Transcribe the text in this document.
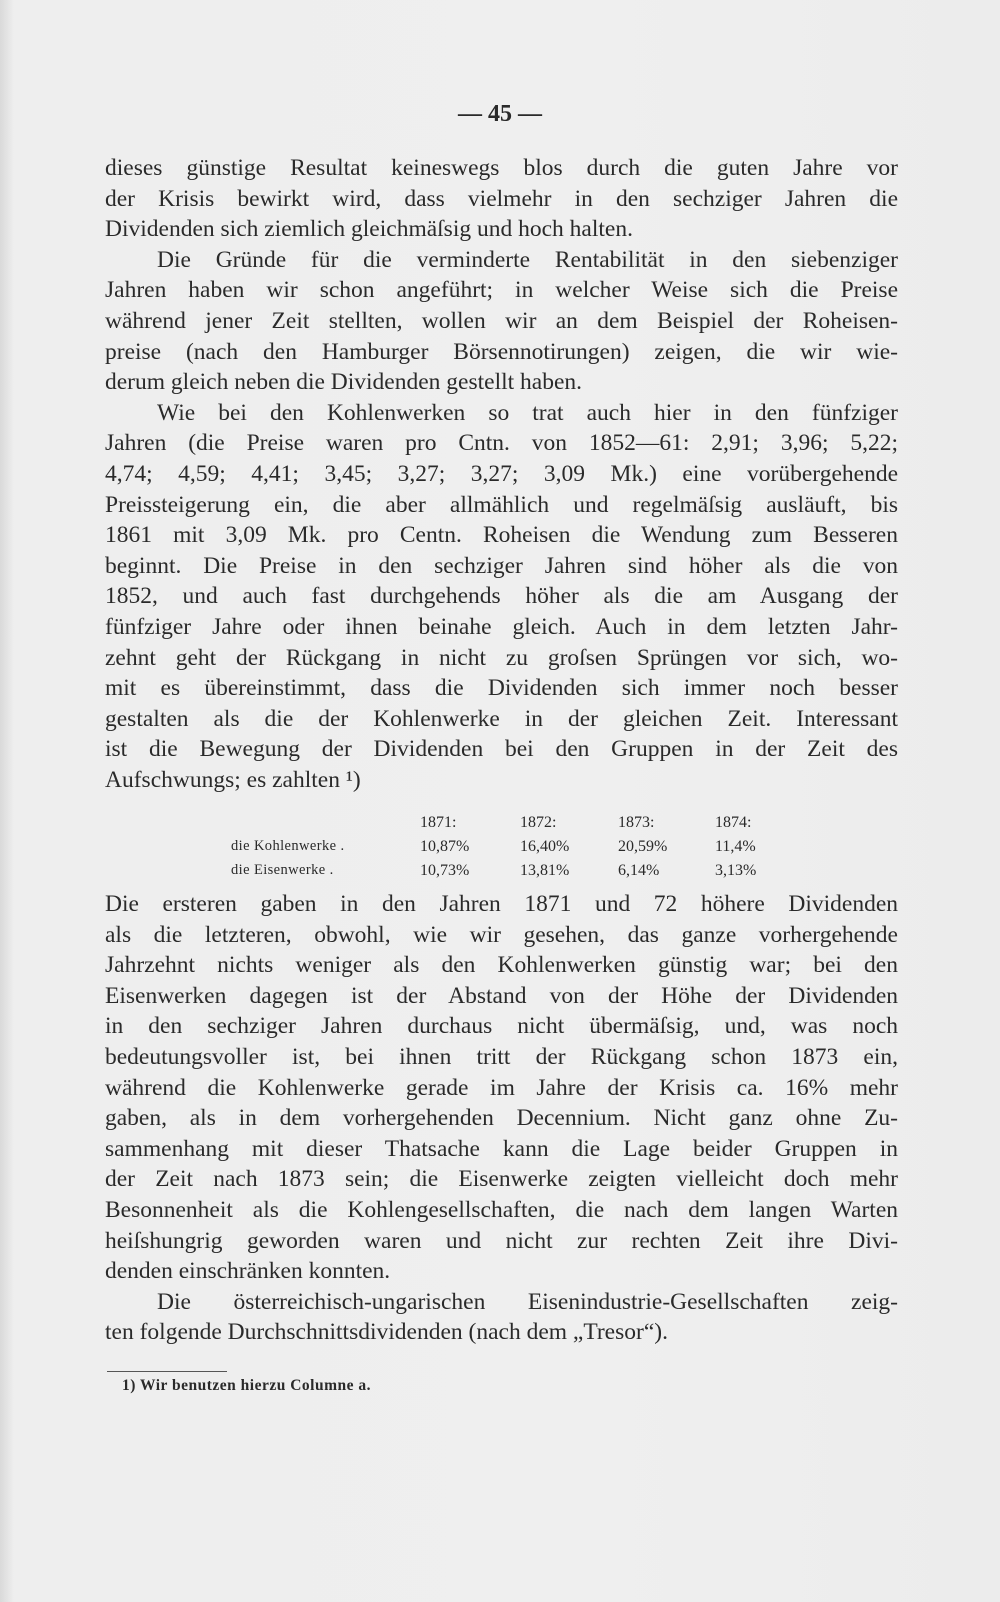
— 45 —
dieses günstige Resultat keineswegs blos durch die guten Jahre vor
der Krisis bewirkt wird, dass vielmehr in den sechziger Jahren die
Dividenden sich ziemlich gleichmäſsig und hoch halten.
Die Gründe für die verminderte Rentabilität in den siebenziger
Jahren haben wir schon angeführt; in welcher Weise sich die Preise
während jener Zeit stellten, wollen wir an dem Beispiel der Roheisen-
preise (nach den Hamburger Börsennotirungen) zeigen, die wir wie-
derum gleich neben die Dividenden gestellt haben.
Wie bei den Kohlenwerken so trat auch hier in den fünfziger
Jahren (die Preise waren pro Cntn. von 1852—61: 2,91; 3,96; 5,22;
4,74; 4,59; 4,41; 3,45; 3,27; 3,27; 3,09 Mk.) eine vorübergehende
Preissteigerung ein, die aber allmählich und regelmäſsig ausläuft, bis
1861 mit 3,09 Mk. pro Centn. Roheisen die Wendung zum Besseren
beginnt. Die Preise in den sechziger Jahren sind höher als die von
1852, und auch fast durchgehends höher als die am Ausgang der
fünfziger Jahre oder ihnen beinahe gleich. Auch in dem letzten Jahr-
zehnt geht der Rückgang in nicht zu groſsen Sprüngen vor sich, wo-
mit es übereinstimmt, dass die Dividenden sich immer noch besser
gestalten als die der Kohlenwerke in der gleichen Zeit. Interessant
ist die Bewegung der Dividenden bei den Gruppen in der Zeit des
Aufschwungs; es zahlten ¹)
1871:	1872:	1873:	1874:
die Kohlenwerke .	10,87%	16,40%	20,59%	11,4%
die Eisenwerke .	10,73%	13,81%	6,14%	3,13%
Die ersteren gaben in den Jahren 1871 und 72 höhere Dividenden
als die letzteren, obwohl, wie wir gesehen, das ganze vorhergehende
Jahrzehnt nichts weniger als den Kohlenwerken günstig war; bei den
Eisenwerken dagegen ist der Abstand von der Höhe der Dividenden
in den sechziger Jahren durchaus nicht übermäſsig, und, was noch
bedeutungsvoller ist, bei ihnen tritt der Rückgang schon 1873 ein,
während die Kohlenwerke gerade im Jahre der Krisis ca. 16% mehr
gaben, als in dem vorhergehenden Decennium. Nicht ganz ohne Zu-
sammenhang mit dieser Thatsache kann die Lage beider Gruppen in
der Zeit nach 1873 sein; die Eisenwerke zeigten vielleicht doch mehr
Besonnenheit als die Kohlengesellschaften, die nach dem langen Warten
heiſshungrig geworden waren und nicht zur rechten Zeit ihre Divi-
denden einschränken konnten.
Die österreichisch-ungarischen Eisenindustrie-Gesellschaften zeig-
ten folgende Durchschnittsdividenden (nach dem „Tresor“).
1) Wir benutzen hierzu Columne a.
